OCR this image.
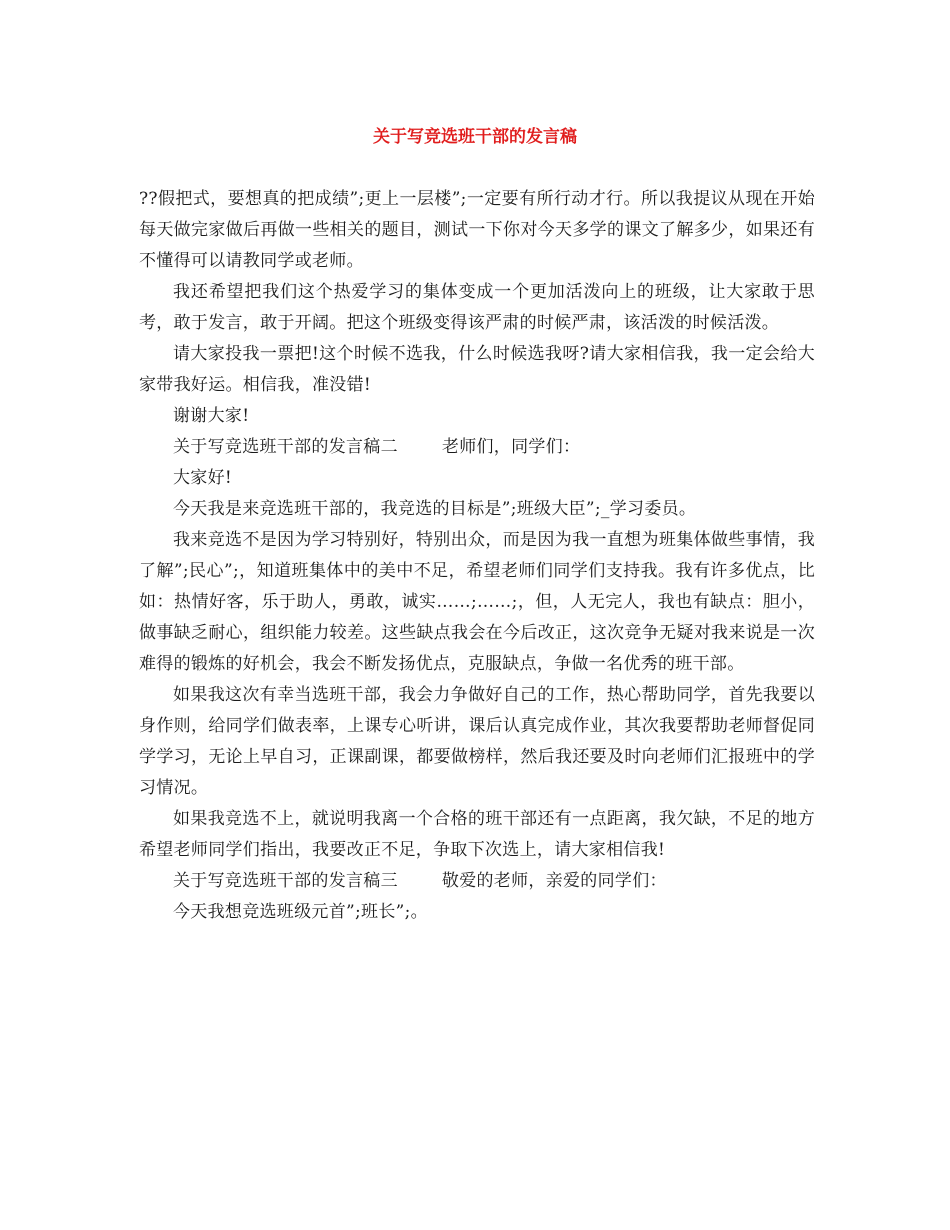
关于写竞选班干部的发言稿

??假把式，要想真的把成绩”;更上一层楼”;一定要有所行动才行。所以我提议从现在开始每天做完家做后再做一些相关的题目，测试一下你对今天多学的课文了解多少，如果还有不懂得可以请教同学或老师。

我还希望把我们这个热爱学习的集体变成一个更加活泼向上的班级，让大家敢于思考，敢于发言，敢于开阔。把这个班级变得该严肃的时候严肃，该活泼的时候活泼。

请大家投我一票把!这个时候不选我，什么时候选我呀?请大家相信我，我一定会给大家带我好运。相信我，准没错!

谢谢大家!

关于写竞选班干部的发言稿二	老师们，同学们：

大家好!

今天我是来竞选班干部的，我竞选的目标是”;班级大臣”;_学习委员。

我来竞选不是因为学习特别好，特别出众，而是因为我一直想为班集体做些事情，我了解”;民心”;，知道班集体中的美中不足，希望老师们同学们支持我。我有许多优点，比如：热情好客，乐于助人，勇敢，诚实……;……;，但，人无完人，我也有缺点：胆小，做事缺乏耐心，组织能力较差。这些缺点我会在今后改正，这次竞争无疑对我来说是一次难得的锻炼的好机会，我会不断发扬优点，克服缺点，争做一名优秀的班干部。

如果我这次有幸当选班干部，我会力争做好自己的工作，热心帮助同学，首先我要以身作则，给同学们做表率，上课专心听讲，课后认真完成作业，其次我要帮助老师督促同学学习，无论上早自习，正课副课，都要做榜样，然后我还要及时向老师们汇报班中的学习情况。

如果我竞选不上，就说明我离一个合格的班干部还有一点距离，我欠缺，不足的地方希望老师同学们指出，我要改正不足，争取下次选上，请大家相信我!

关于写竞选班干部的发言稿三	敬爱的老师，亲爱的同学们：

今天我想竞选班级元首”;班长”;。
